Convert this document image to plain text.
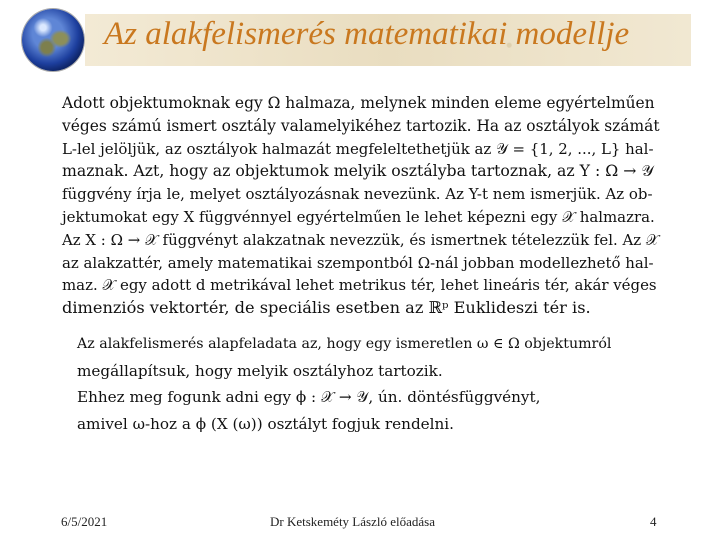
Az alakfelismerés matematikai modellje
Adott objektumoknak egy Ω halmaza, melynek minden eleme egyértelműen
véges számú ismert osztály valamelyikéhez tartozik. Ha az osztályok számát
L-lel jelöljük, az osztályok halmazát megfeleltethetjük az 𝒴 = {1, 2, ..., L} hal-
maznak. Azt, hogy az objektumok melyik osztályba tartoznak, az Y : Ω → 𝒴
függvény írja le, melyet osztályozásnak nevezünk. Az Y-t nem ismerjük. Az ob-
jektumokat egy X függvénnyel egyértelműen le lehet képezni egy 𝒳 halmazra.
Az X : Ω → 𝒳 függvényt alakzatnak nevezzük, és ismertnek tételezzük fel. Az 𝒳
az alakzattér, amely matematikai szempontból Ω-nál jobban modellezhető hal-
maz. 𝒳 egy adott d metrikával lehet metrikus tér, lehet lineáris tér, akár véges
dimenziós vektortér, de speciális esetben az ℝᵖ Euklideszi tér is.
Az alakfelismerés alapfeladata az, hogy egy ismeretlen ω ∈ Ω objektumról
megállapítsuk, hogy melyik osztályhoz tartozik.
Ehhez meg fogunk adni egy ϕ : 𝒳 → 𝒴, ún. döntésfüggvényt,
amivel ω-hoz a ϕ (X (ω)) osztályt fogjuk rendelni.
6/5/2021	Dr Ketskeméty László előadása	4
